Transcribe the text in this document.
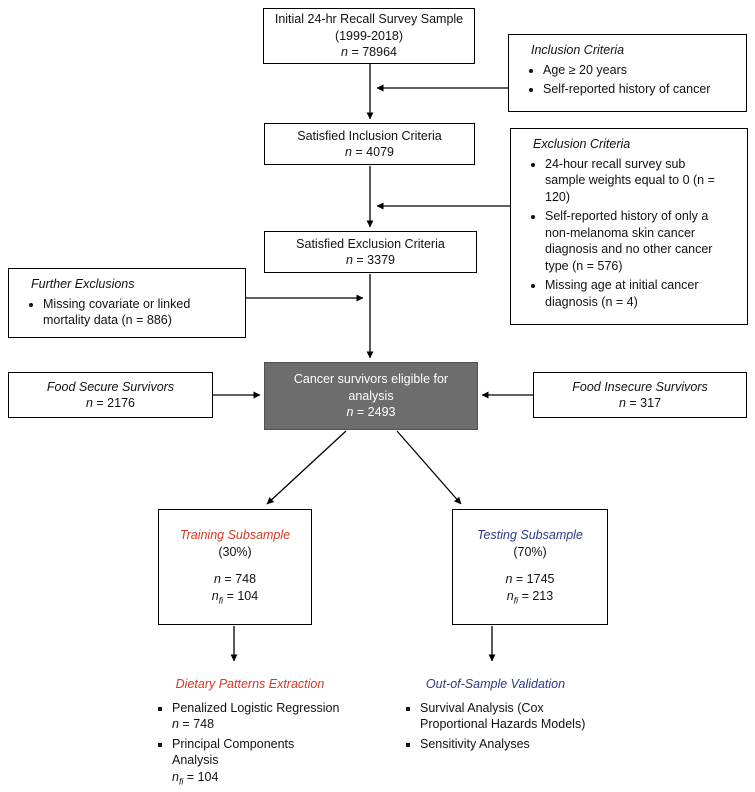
Initial 24-hr Recall Survey Sample
(1999-2018)
n = 78964	Inclusion Criteria
• Age ≥ 20 years
• Self-reported history of cancer
Satisfied Inclusion Criteria
n = 4079
Exclusion Criteria
• 24-hour recall survey sub sample weights equal to 0 (n = 120)
• Self-reported history of only a non-melanoma skin cancer diagnosis and no other cancer type (n = 576)
• Missing age at initial cancer diagnosis (n = 4)
Satisfied Exclusion Criteria
n = 3379
Further Exclusions
• Missing covariate or linked mortality data (n = 886)
Cancer survivors eligible for analysis
n = 2493
Food Secure Survivors
n = 2176
Food Insecure Survivors
n = 317
Training Subsample
(30%)
n = 748
$n_{fi} = 104$
Testing Subsample
(70%)
n = 1745
$n_{fi} = 213$
Dietary Patterns Extraction
▪ Penalized Logistic Regression
n = 748
▪ Principal Components
Analysis
$n_{fi} = 104$
Out-of-Sample Validation
▪ Survival Analysis (Cox Proportional Hazards Models)
▪ Sensitivity Analyses
